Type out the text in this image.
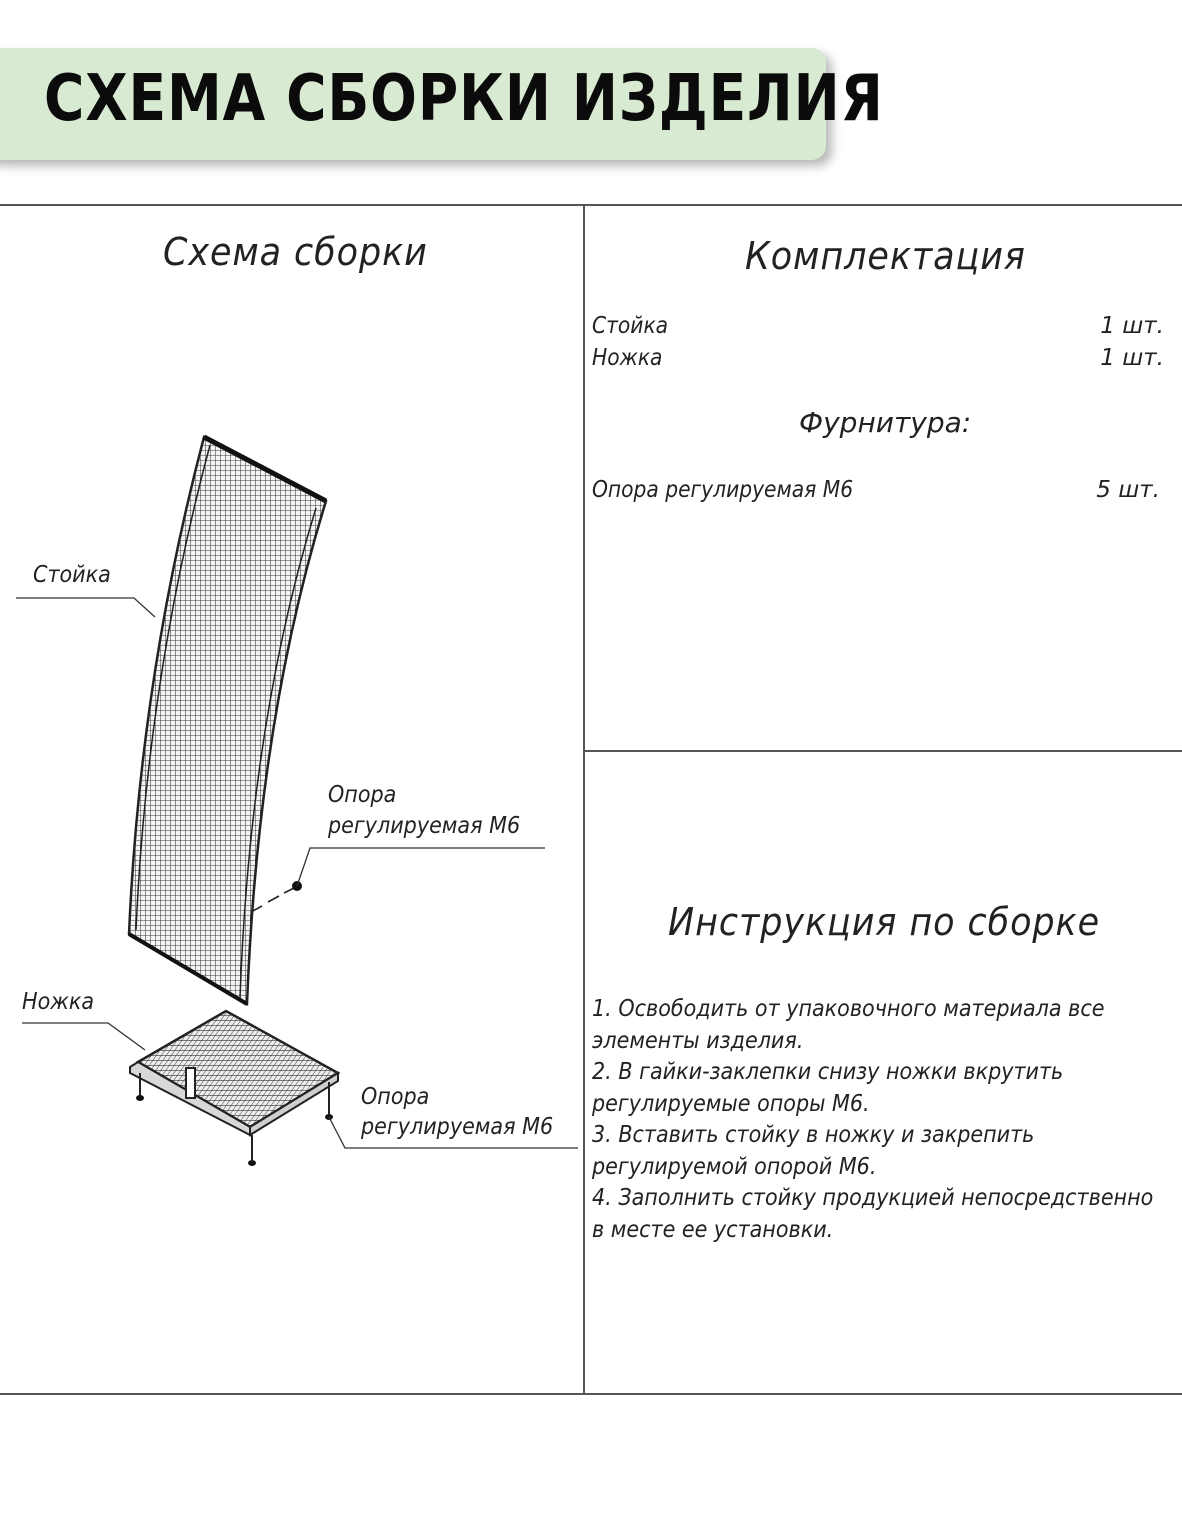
СХЕМА СБОРКИ ИЗДЕЛИЯ
Схема сборки
Стойка
Опора
регулируемая М6
Ножка
Опора
регулируемая М6
Комплектация
Стойка	1 шт.
Ножка	1 шт.
Фурнитура:
Опора регулируемая М6	5 шт.
Инструкция по сборке
1. Освободить от упаковочного материала все
элементы изделия.
2. В гайки-заклепки снизу ножки вкрутить
регулируемые опоры М6.
3. Вставить стойку в ножку и закрепить
регулируемой опорой М6.
4. Заполнить стойку продукцией непосредственно
в месте ее установки.
